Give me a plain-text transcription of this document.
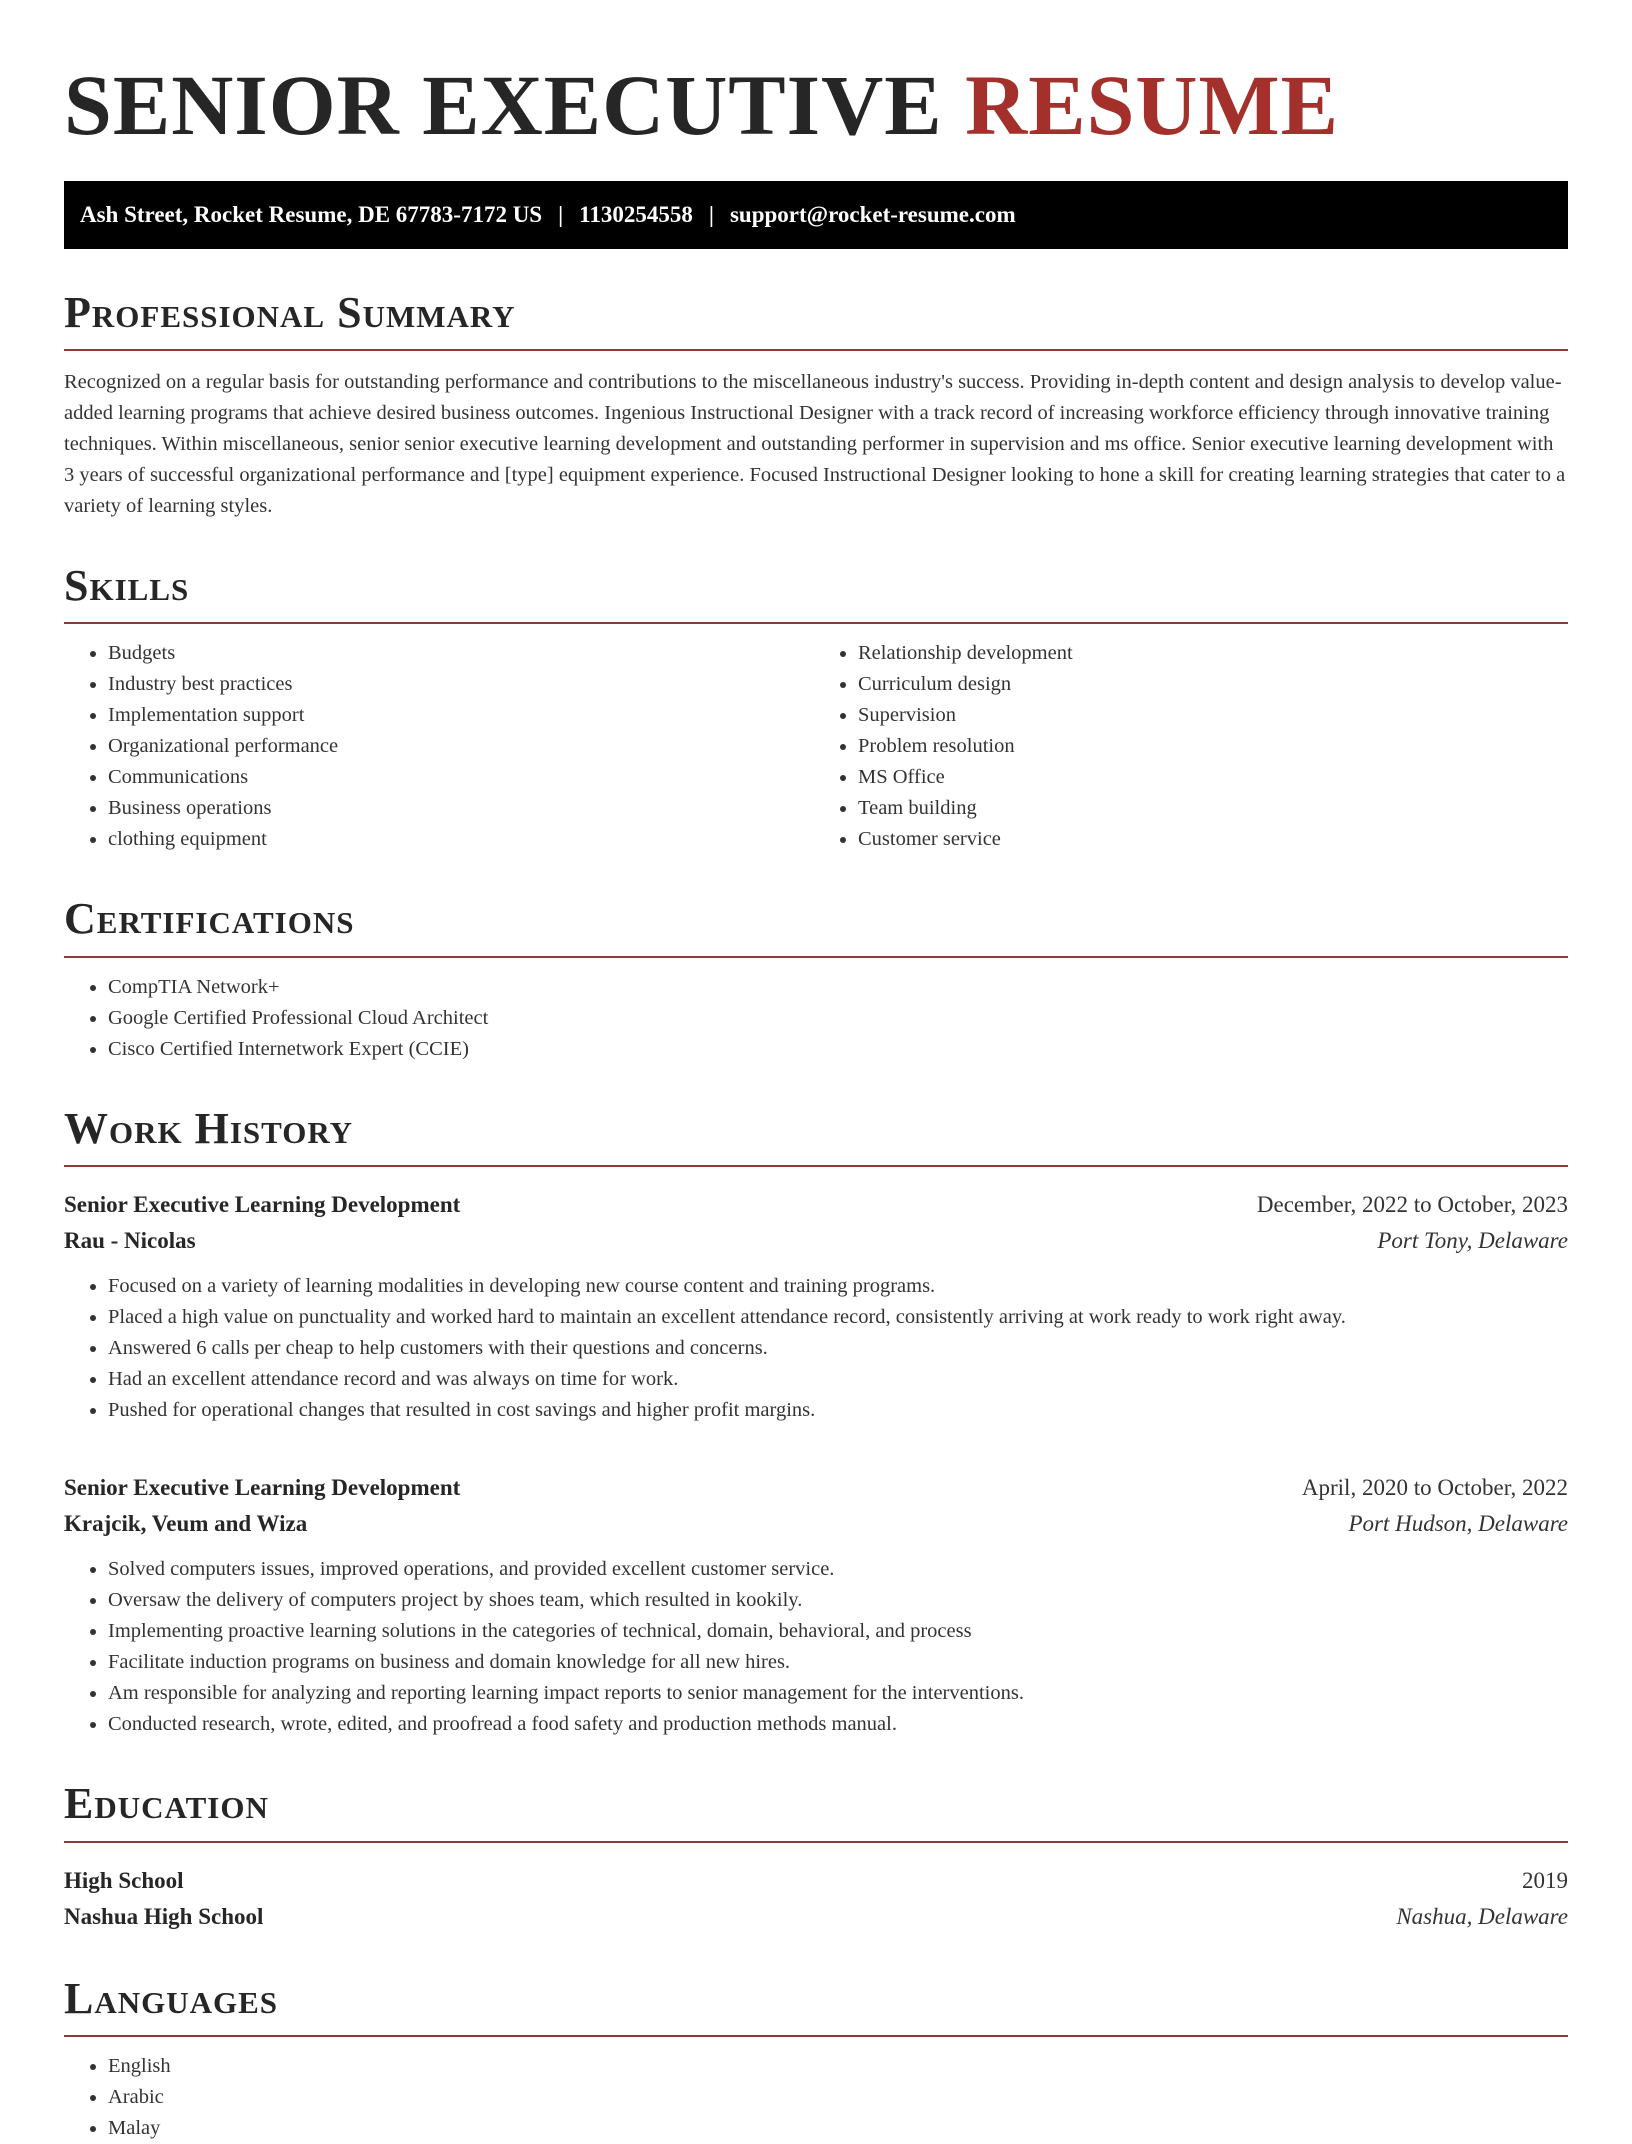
SENIOR EXECUTIVE RESUME
Ash Street, Rocket Resume, DE 67783-7172 US | 1130254558 | support@rocket-resume.com
Professional Summary

Recognized on a regular basis for outstanding performance and contributions to the miscellaneous industry's success. Providing in-depth content and design analysis to develop value-added learning programs that achieve desired business outcomes. Ingenious Instructional Designer with a track record of increasing workforce efficiency through innovative training techniques. Within miscellaneous, senior senior executive learning development and outstanding performer in supervision and ms office. Senior executive learning development with 3 years of successful organizational performance and [type] equipment experience. Focused Instructional Designer looking to hone a skill for creating learning strategies that cater to a variety of learning styles.

Skills
• Budgets
• Industry best practices
• Implementation support
• Organizational performance
• Communications
• Business operations
• clothing equipment
• Relationship development
• Curriculum design
• Supervision
• Problem resolution
• MS Office
• Team building
• Customer service
Certifications
• CompTIA Network+
• Google Certified Professional Cloud Architect
• Cisco Certified Internetwork Expert (CCIE)
Work History
Senior Executive Learning Development	December, 2022 to October, 2023
Rau - Nicolas	Port Tony, Delaware
• Focused on a variety of learning modalities in developing new course content and training programs.
• Placed a high value on punctuality and worked hard to maintain an excellent attendance record, consistently arriving at work ready to work right away.
• Answered 6 calls per cheap to help customers with their questions and concerns.
• Had an excellent attendance record and was always on time for work.
• Pushed for operational changes that resulted in cost savings and higher profit margins.
Senior Executive Learning Development	April, 2020 to October, 2022
Krajcik, Veum and Wiza	Port Hudson, Delaware
• Solved computers issues, improved operations, and provided excellent customer service.
• Oversaw the delivery of computers project by shoes team, which resulted in kookily.
• Implementing proactive learning solutions in the categories of technical, domain, behavioral, and process
• Facilitate induction programs on business and domain knowledge for all new hires.
• Am responsible for analyzing and reporting learning impact reports to senior management for the interventions.
• Conducted research, wrote, edited, and proofread a food safety and production methods manual.
Education
High School	2019
Nashua High School	Nashua, Delaware
Languages
• English
• Arabic
• Malay
